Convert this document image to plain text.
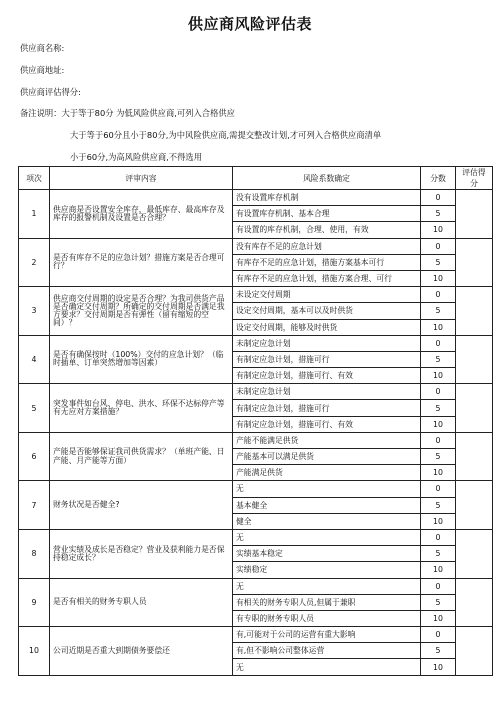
供应商风险评估表
供应商名称:
供应商地址:
供应商评估得分:
备注说明：大于等于80分 为低风险供应商,可列入合格供应
大于等于60分且小于80分,为中风险供应商,需提交整改计划,才可列入合格供应商清单
小于60分,为高风险供应商,不得选用
项次	评审内容	风险系数确定	分数	评估得分
1	供应商是否设置安全库存，最低库存、最高库存及库存的报警机制及设置是否合理？	没有设置库存机制	0	
		有设置库存机制、基本合理	5	
		有设置的库存机制，合理、使用，有效	10	
2	是否有库存不足的应急计划？措施方案是否合理可行？	没有库存不足的应急计划	0	
		有库存不足的应急计划，措施方案基本可行	5	
		有库存不足的应急计划，措施方案合理、可行	10	
3	供应商交付周期的设定是否合理？为我司供货产品是否确定交付周期？所确定的交付周期是否满足我方要求？交付周期是否有弹性（留有缩短的空间）？	未设定交付周期	0	
		设定交付周期，基本可以及时供货	5	
		设定交付周期，能够及时供货	10	
4	是否有确保按时（100%）交付的应急计划？（临时插单、订单突然增加等因素）	未制定应急计划	0	
		有制定应急计划，措施可行	5	
		有制定应急计划，措施可行、有效	10	
5	突发事件如台风、停电、洪水、环保不达标停产等有无应对方案措施？	未制定应急计划	0	
		有制定应急计划，措施可行	5	
		有制定应急计划，措施可行、有效	10	
6	产能是否能够保证我司供货需求？（单班产能、日产能、月产能等方面）	产能不能满足供货	0	
		产能基本可以满足供货	5	
		产能满足供货	10	
7	财务状况是否健全?	无	0	
		基本健全	5	
		健全	10	
8	营业实绩及成长是否稳定？营业及获利能力是否保持稳定成长？	无	0	
		实绩基本稳定	5	
		实绩稳定	10	
9	是否有相关的财务专职人员	无	0	
		有相关的财务专职人员,但属于兼职	5	
		有专职的财务专职人员	10	
10	公司近期是否重大到期债务要偿还	有,可能对于公司的运营有重大影响	0	
		有,但不影响公司整体运营	5	
		无	10	
